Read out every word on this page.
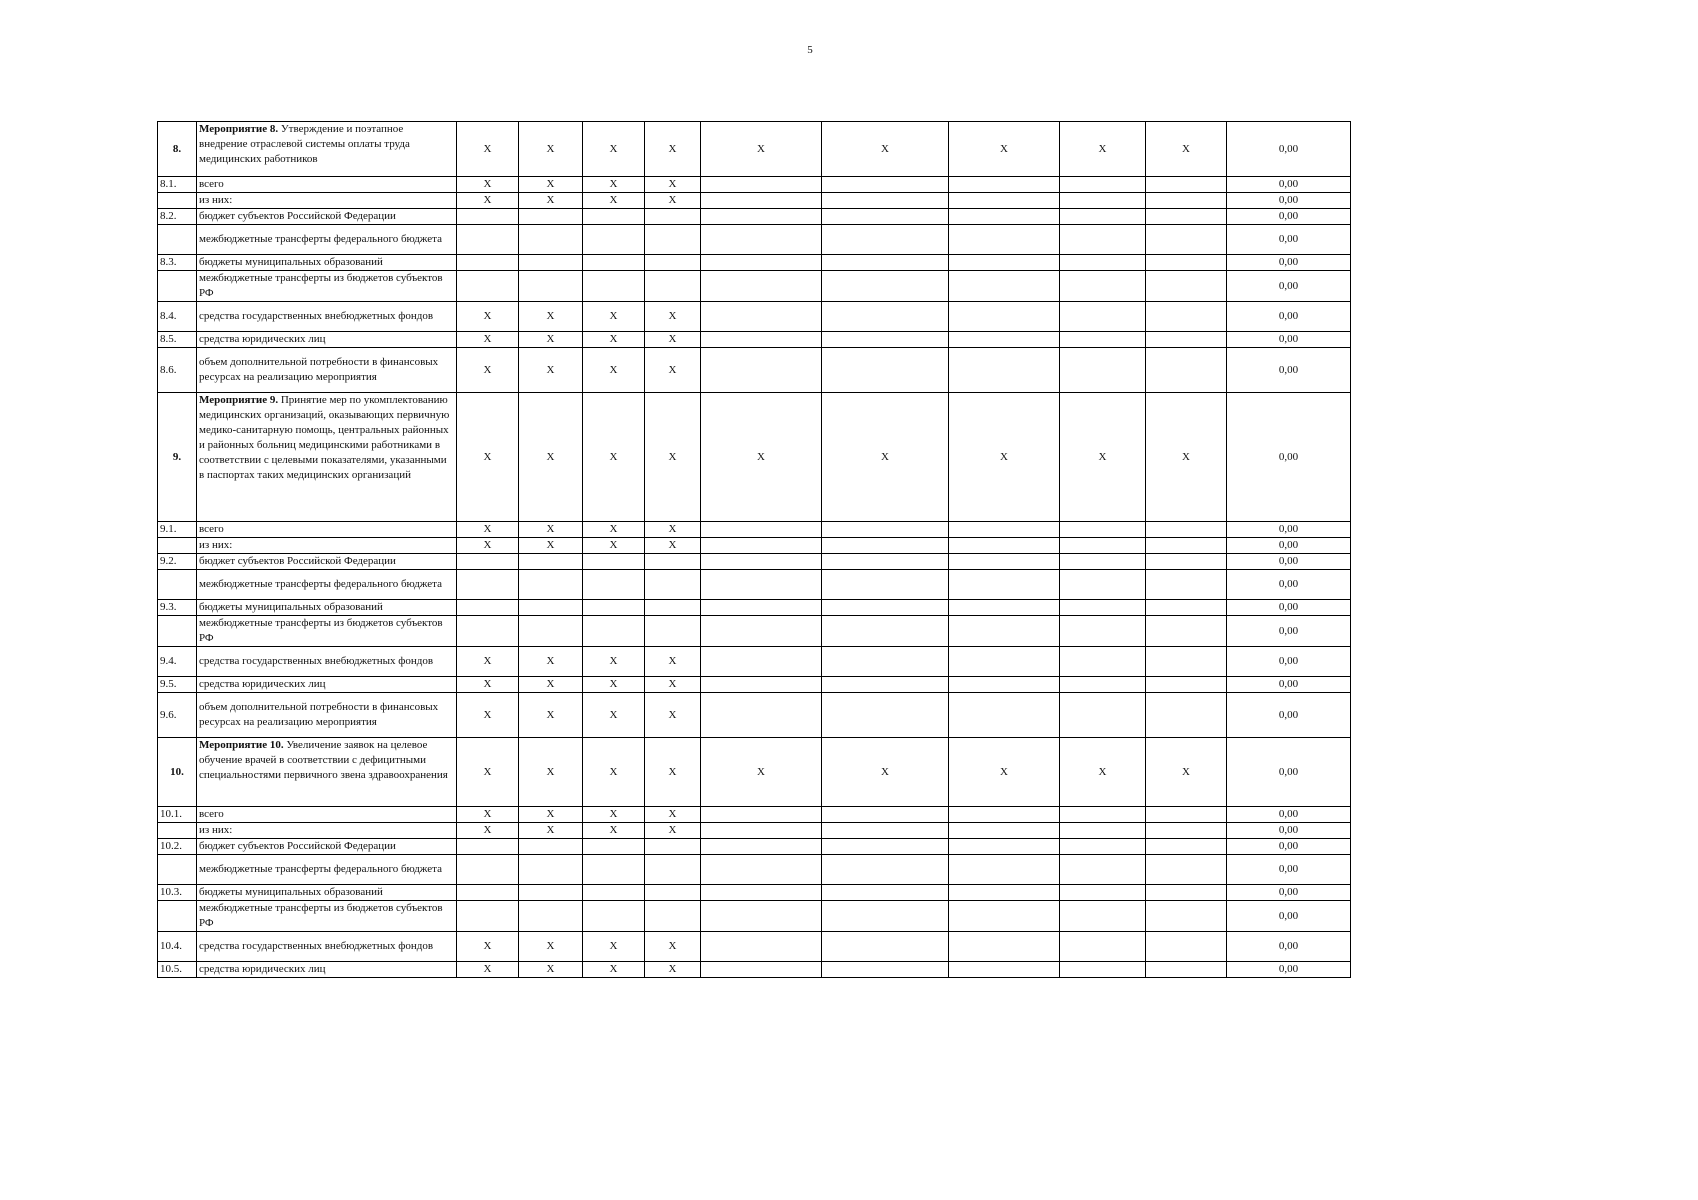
5
8.	Мероприятие 8. Утверждение и поэтапное внедрение отраслевой системы оплаты труда медицинских работников	X	X	X	X	X	X	X	X	X	0,00
8.1.	всего	X	X	X	X						0,00
	из них:	X	X	X	X						0,00
8.2.	бюджет субъектов Российской Федерации										0,00
	межбюджетные трансферты федерального бюджета										0,00
8.3.	бюджеты муниципальных образований										0,00
	межбюджетные трансферты из бюджетов субъектов РФ										0,00
8.4.	средства государственных внебюджетных фондов	X	X	X	X						0,00
8.5.	средства юридических лиц	X	X	X	X						0,00
8.6.	объем дополнительной потребности в финансовых ресурсах на реализацию мероприятия	X	X	X	X						0,00
9.	Мероприятие 9. Принятие мер по укомплектованию медицинских организаций, оказывающих первичную медико-санитарную помощь, центральных районных и районных больниц медицинскими работниками в соответствии с целевыми показателями, указанными в паспортах таких медицинских организаций	X	X	X	X	X	X	X	X	X	0,00
9.1.	всего	X	X	X	X						0,00
	из них:	X	X	X	X						0,00
9.2.	бюджет субъектов Российской Федерации										0,00
	межбюджетные трансферты федерального бюджета										0,00
9.3.	бюджеты муниципальных образований										0,00
	межбюджетные трансферты из бюджетов субъектов РФ										0,00
9.4.	средства государственных внебюджетных фондов	X	X	X	X						0,00
9.5.	средства юридических лиц	X	X	X	X						0,00
9.6.	объем дополнительной потребности в финансовых ресурсах на реализацию мероприятия	X	X	X	X						0,00
10.	Мероприятие 10. Увеличение заявок на целевое обучение врачей в соответствии с дефицитными специальностями первичного звена здравоохранения	X	X	X	X	X	X	X	X	X	0,00
10.1.	всего	X	X	X	X						0,00
	из них:	X	X	X	X						0,00
10.2.	бюджет субъектов Российской Федерации										0,00
	межбюджетные трансферты федерального бюджета										0,00
10.3.	бюджеты муниципальных образований										0,00
	межбюджетные трансферты из бюджетов субъектов РФ										0,00
10.4.	средства государственных внебюджетных фондов	X	X	X	X						0,00
10.5.	средства юридических лиц	X	X	X	X						0,00
